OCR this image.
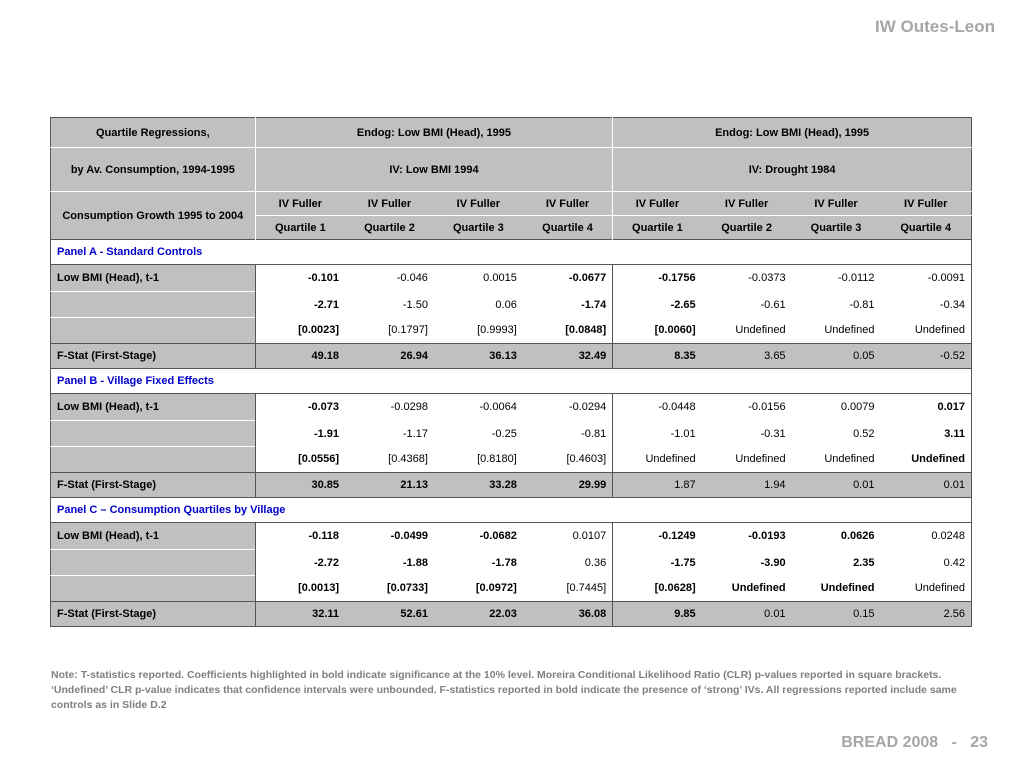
IW Outes-Leon
Quartile Regressions,	Endog: Low BMI (Head), 1995				Endog: Low BMI (Head), 1995			
by Av. Consumption, 1994-1995	IV: Low BMI 1994				IV: Drought 1984			
Consumption Growth 1995 to 2004	IV Fuller	IV Fuller	IV Fuller	IV Fuller	IV Fuller	IV Fuller	IV Fuller	IV Fuller
	Quartile 1	Quartile 2	Quartile 3	Quartile 4	Quartile 1	Quartile 2	Quartile 3	Quartile 4
Panel A - Standard Controls								
Low BMI (Head), t-1	-0.101	-0.046	0.0015	-0.0677	-0.1756	-0.0373	-0.0112	-0.0091
	-2.71	-1.50	0.06	-1.74	-2.65	-0.61	-0.81	-0.34
	[0.0023]	[0.1797]	[0.9993]	[0.0848]	[0.0060]	Undefined	Undefined	Undefined
F-Stat (First-Stage)	49.18	26.94	36.13	32.49	8.35	3.65	0.05	-0.52
Panel B - Village Fixed Effects								
Low BMI (Head), t-1	-0.073	-0.0298	-0.0064	-0.0294	-0.0448	-0.0156	0.0079	0.017
	-1.91	-1.17	-0.25	-0.81	-1.01	-0.31	0.52	3.11
	[0.0556]	[0.4368]	[0.8180]	[0.4603]	Undefined	Undefined	Undefined	Undefined
F-Stat (First-Stage)	30.85	21.13	33.28	29.99	1.87	1.94	0.01	0.01
Panel C – Consumption Quartiles by Village								
Low BMI (Head), t-1	-0.118	-0.0499	-0.0682	0.0107	-0.1249	-0.0193	0.0626	0.0248
	-2.72	-1.88	-1.78	0.36	-1.75	-3.90	2.35	0.42
	[0.0013]	[0.0733]	[0.0972]	[0.7445]	[0.0628]	Undefined	Undefined	Undefined
F-Stat (First-Stage)	32.11	52.61	22.03	36.08	9.85	0.01	0.15	2.56
Note: T-statistics reported. Coefficients highlighted in bold indicate significance at the 10% level. Moreira Conditional Likelihood Ratio (CLR) p-values reported in square brackets. ‘Undefined’ CLR p-value indicates that confidence intervals were unbounded. F-statistics reported in bold indicate the presence of ‘strong’ IVs. All regressions reported include same controls as in Slide D.2
BREAD 2008 - 23
